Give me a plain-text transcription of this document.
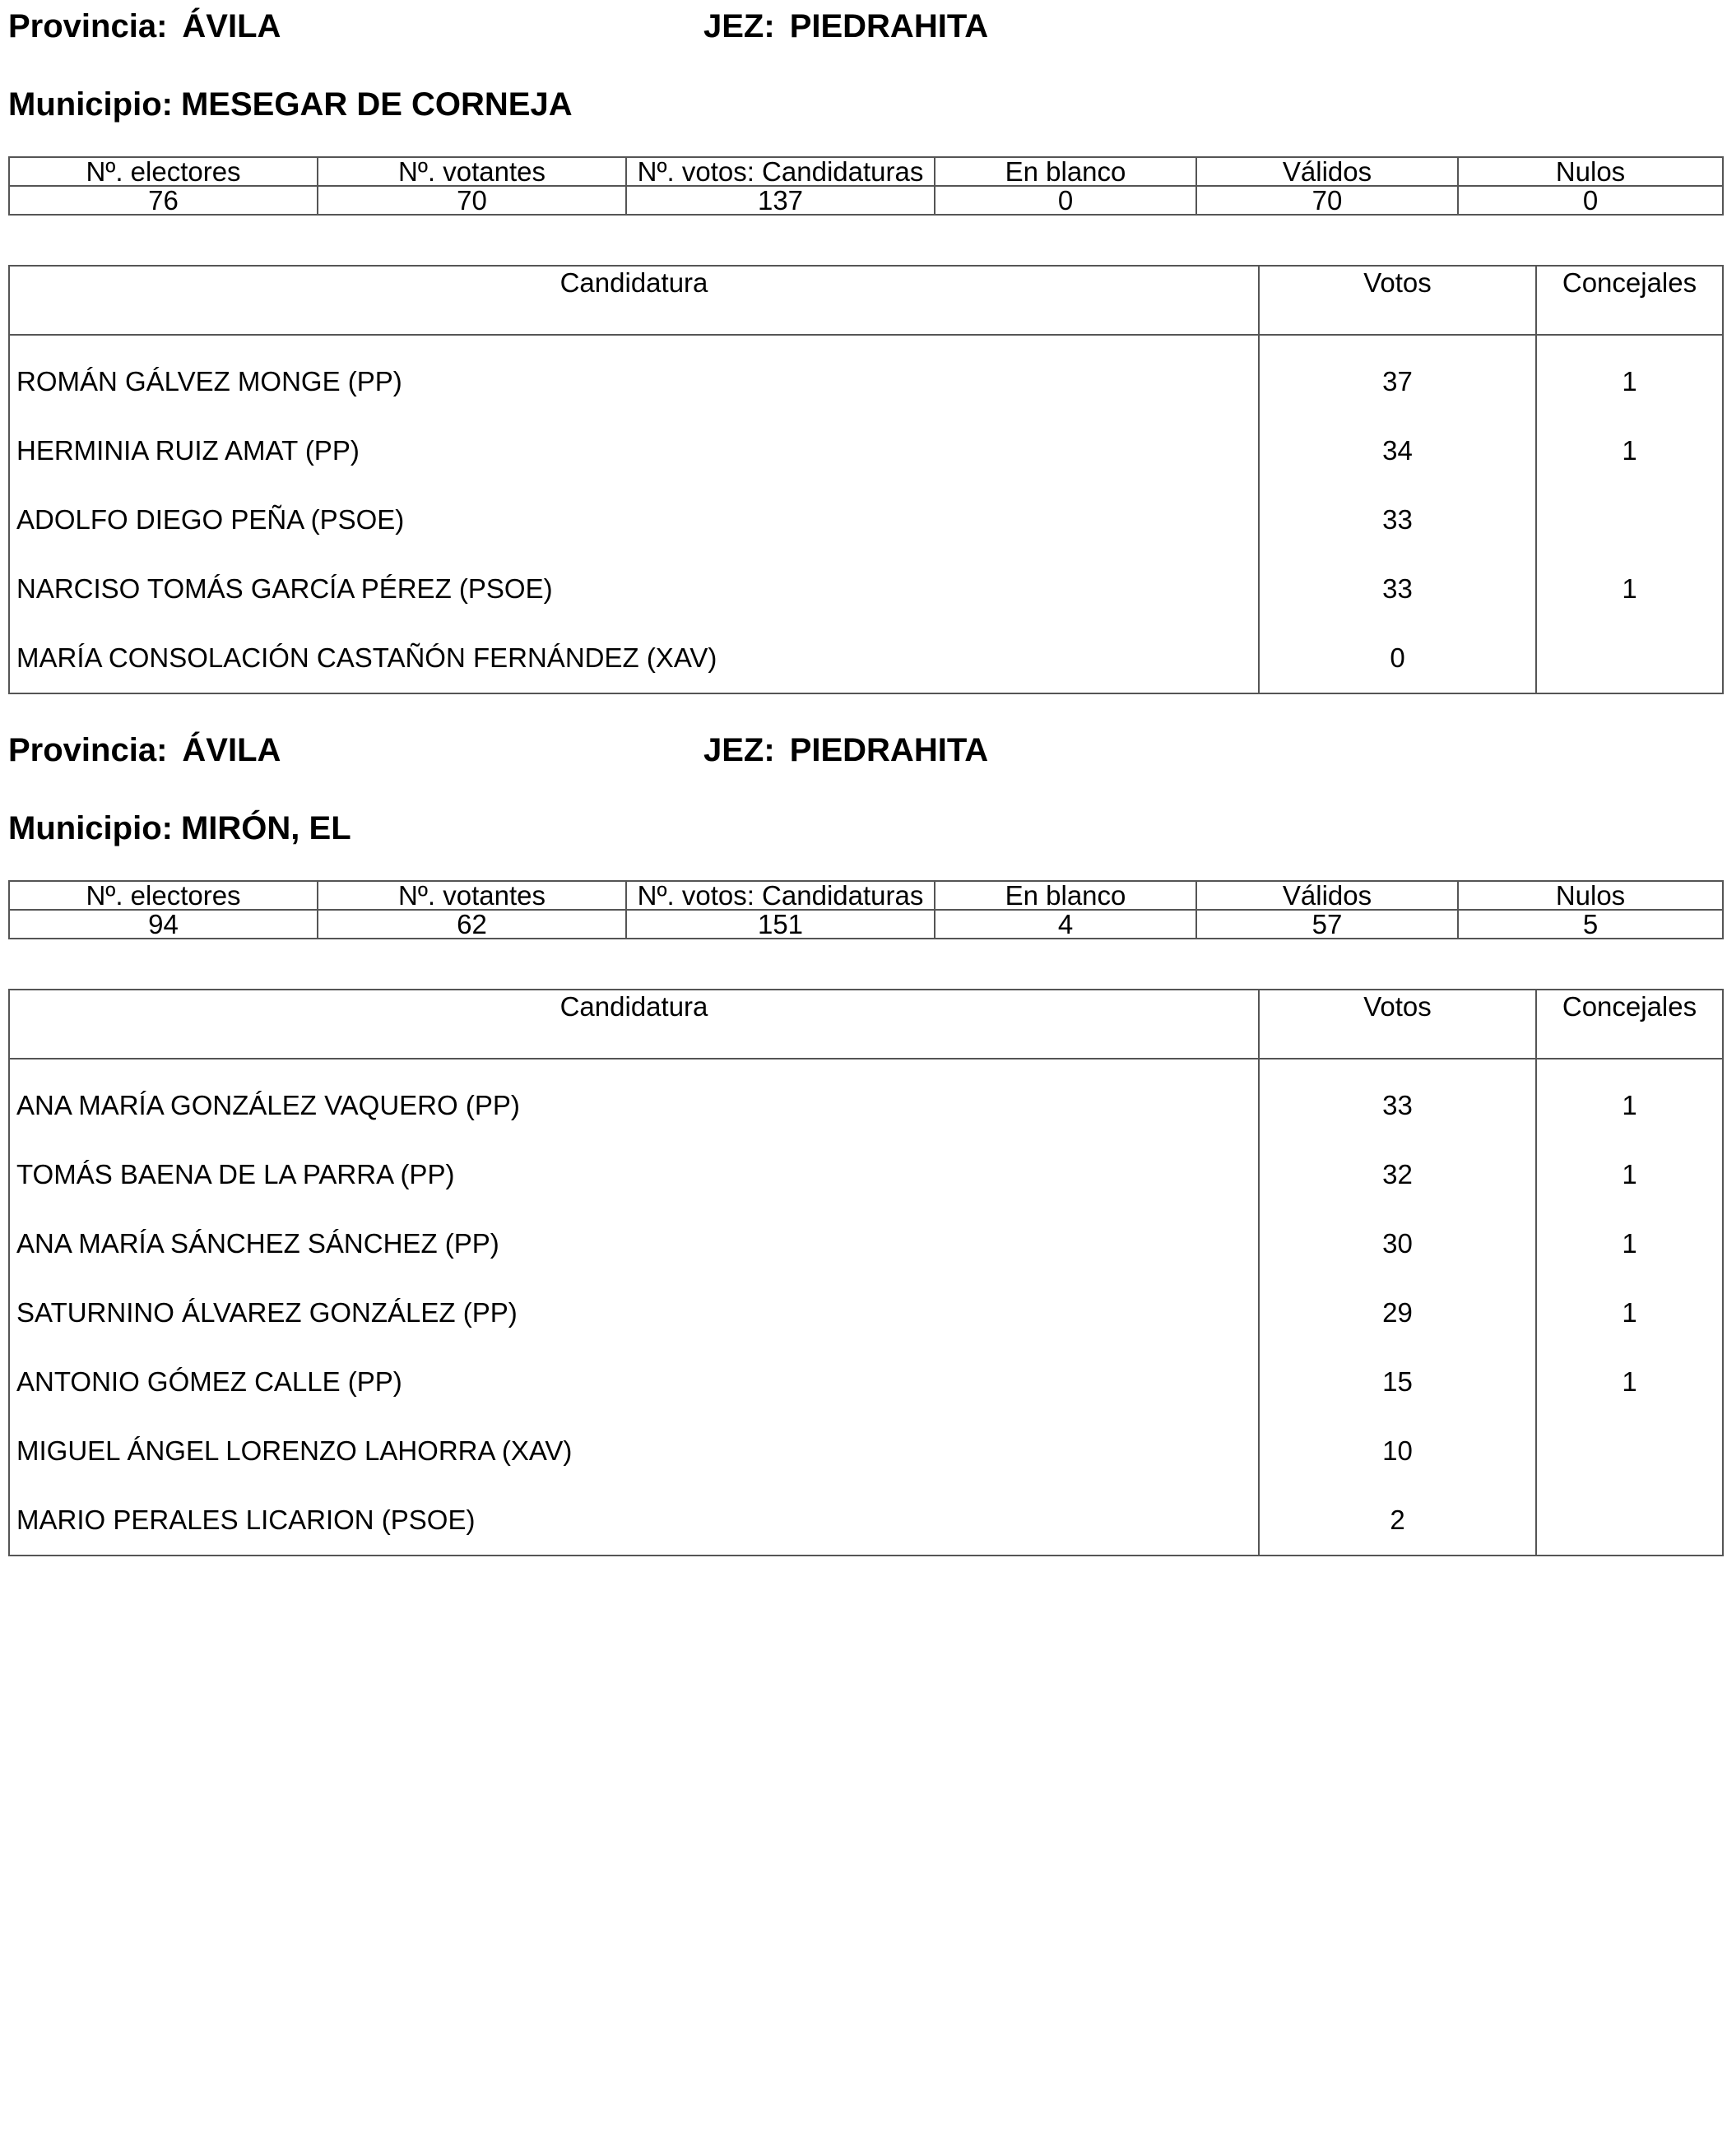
Provincia: ÁVILA	JEZ: PIEDRAHITA
Municipio: MESEGAR DE CORNEJA
Nº. electores	Nº. votantes	Nº. votos: Candidaturas	En blanco	Válidos	Nulos
76	70	137	0	70	0
Candidatura	Votos	Concejales
ROMÁN GÁLVEZ MONGE (PP)	37	1
HERMINIA RUIZ AMAT (PP)	34	1
ADOLFO DIEGO PEÑA (PSOE)	33	
NARCISO TOMÁS GARCÍA PÉREZ (PSOE)	33	1
MARÍA CONSOLACIÓN CASTAÑÓN FERNÁNDEZ (XAV)	0	
Provincia: ÁVILA	JEZ: PIEDRAHITA
Municipio: MIRÓN, EL
Nº. electores	Nº. votantes	Nº. votos: Candidaturas	En blanco	Válidos	Nulos
94	62	151	4	57	5
Candidatura	Votos	Concejales
ANA MARÍA GONZÁLEZ VAQUERO (PP)	33	1
TOMÁS BAENA DE LA PARRA (PP)	32	1
ANA MARÍA SÁNCHEZ SÁNCHEZ (PP)	30	1
SATURNINO ÁLVAREZ GONZÁLEZ (PP)	29	1
ANTONIO GÓMEZ CALLE (PP)	15	1
MIGUEL ÁNGEL LORENZO LAHORRA (XAV)	10	
MARIO PERALES LICARION (PSOE)	2	
